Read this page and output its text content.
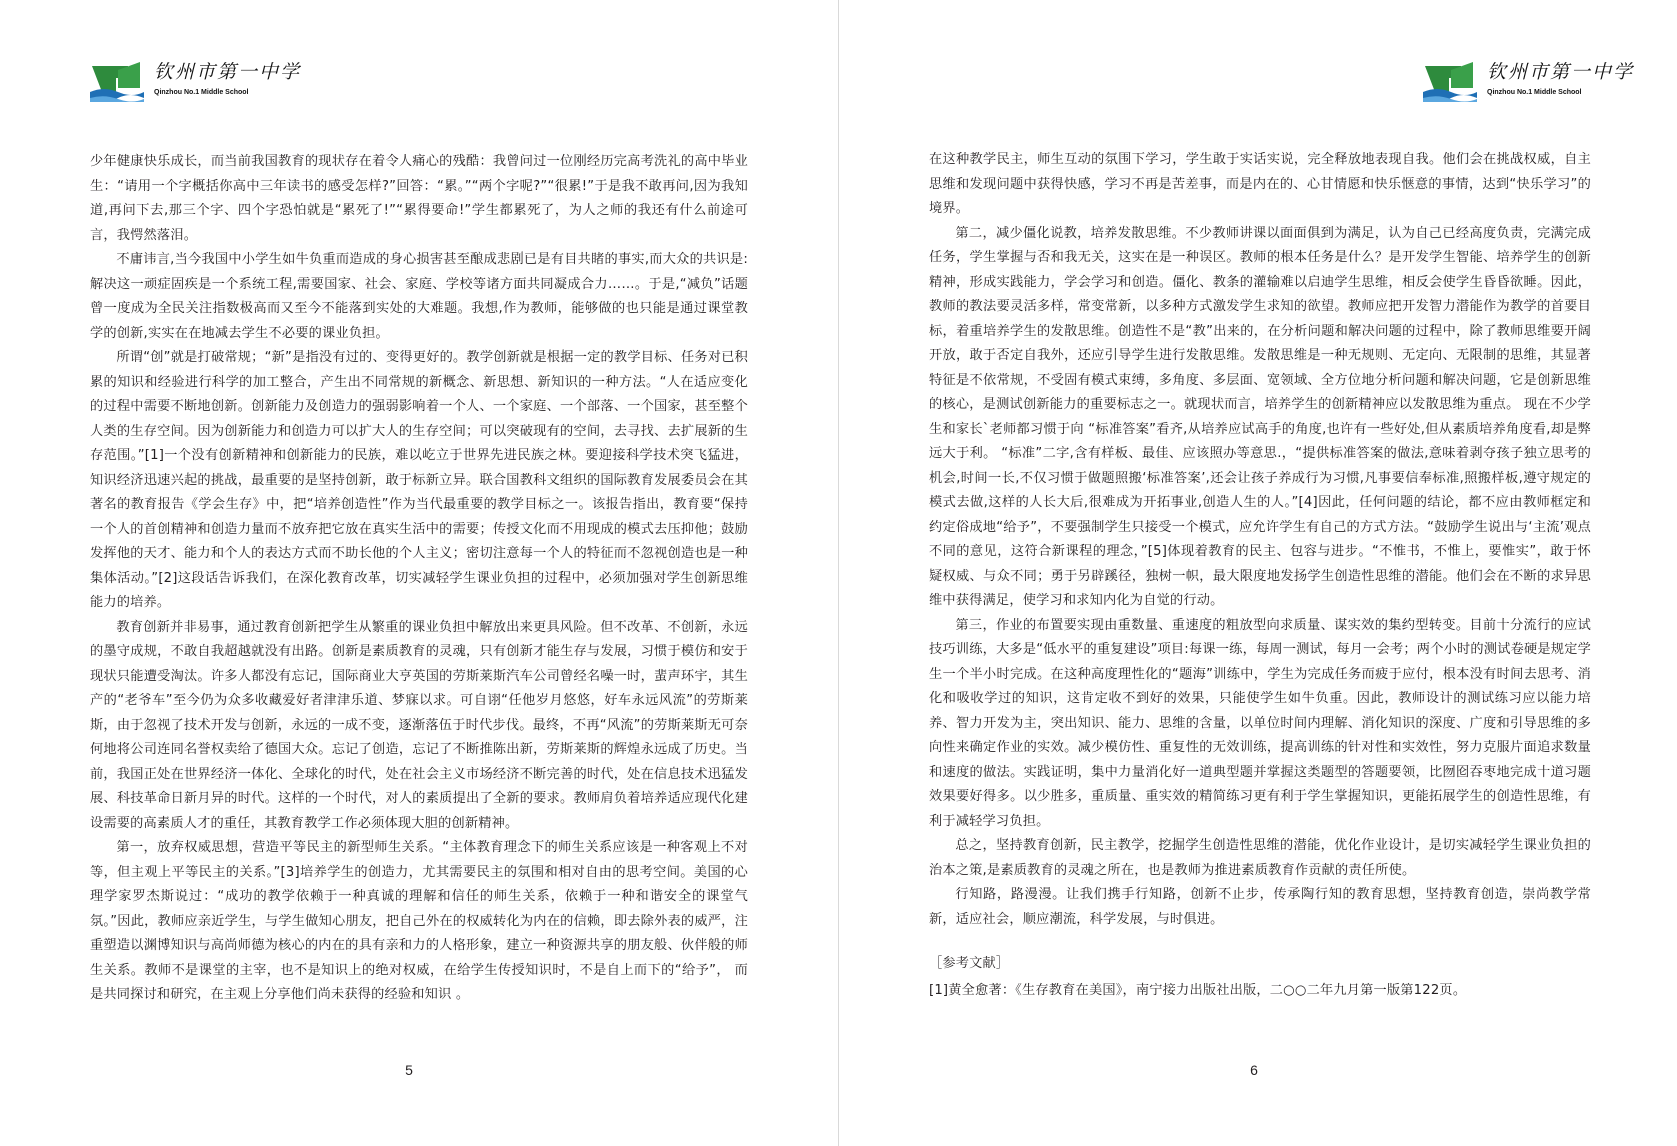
钦州市第一中学
Qinzhou No.1 Middle School

少年健康快乐成长，而当前我国教育的现状存在着令人痛心的残酷：我曾问过一位刚经历完高考洗礼的高中毕业生：“请用一个字概括你高中三年读书的感受怎样?”回答：“累。”“两个字呢?”“很累!”于是我不敢再问,因为我知道,再问下去,那三个字、四个字恐怕就是“累死了!”“累得要命!”学生都累死了，为人之师的我还有什么前途可言，我愕然落泪。

不庸讳言,当今我国中小学生如牛负重而造成的身心损害甚至酿成悲剧已是有目共睹的事实,而大众的共识是:解决这一顽症固疾是一个系统工程,需要国家、社会、家庭、学校等诸方面共同凝成合力……。于是,“减负”话题曾一度成为全民关注指数极高而又至今不能落到实处的大难题。我想,作为教师，能够做的也只能是通过课堂教学的创新,实实在在地减去学生不必要的课业负担。

所谓“创”就是打破常规；“新”是指没有过的、变得更好的。教学创新就是根据一定的教学目标、任务对已积累的知识和经验进行科学的加工整合，产生出不同常规的新概念、新思想、新知识的一种方法。“人在适应变化的过程中需要不断地创新。创新能力及创造力的强弱影响着一个人、一个家庭、一个部落、一个国家，甚至整个人类的生存空间。因为创新能力和创造力可以扩大人的生存空间；可以突破现有的空间，去寻找、去扩展新的生存范围。”[1]一个没有创新精神和创新能力的民族，难以屹立于世界先进民族之林。要迎接科学技术突飞猛进，知识经济迅速兴起的挑战，最重要的是坚持创新，敢于标新立异。联合国教科文组织的国际教育发展委员会在其著名的教育报告《学会生存》中，把“培养创造性”作为当代最重要的教学目标之一。该报告指出，教育要“保持一个人的首创精神和创造力量而不放弃把它放在真实生活中的需要；传授文化而不用现成的模式去压抑他；鼓励发挥他的天才、能力和个人的表达方式而不助长他的个人主义；密切注意每一个人的特征而不忽视创造也是一种集体活动。”[2]这段话告诉我们，在深化教育改革，切实减轻学生课业负担的过程中，必须加强对学生创新思维能力的培养。

教育创新并非易事，通过教育创新把学生从繁重的课业负担中解放出来更具风险。但不改革、不创新，永远的墨守成规，不敢自我超越就没有出路。创新是素质教育的灵魂，只有创新才能生存与发展，习惯于模仿和安于现状只能遭受淘汰。许多人都没有忘记，国际商业大亨英国的劳斯莱斯汽车公司曾经名噪一时，蜚声环宇，其生产的“老爷车”至今仍为众多收藏爱好者津津乐道、梦寐以求。可自诩“任他岁月悠悠，好车永远风流”的劳斯莱斯，由于忽视了技术开发与创新，永远的一成不变，逐渐落伍于时代步伐。最终，不再“风流”的劳斯莱斯无可奈何地将公司连同名誉权卖给了德国大众。忘记了创造，忘记了不断推陈出新，劳斯莱斯的辉煌永远成了历史。当前，我国正处在世界经济一体化、全球化的时代，处在社会主义市场经济不断完善的时代，处在信息技术迅猛发展、科技革命日新月异的时代。这样的一个时代，对人的素质提出了全新的要求。教师肩负着培养适应现代化建设需要的高素质人才的重任，其教育教学工作必须体现大胆的创新精神。

第一，放弃权威思想，营造平等民主的新型师生关系。“主体教育理念下的师生关系应该是一种客观上不对等，但主观上平等民主的关系。”[3]培养学生的创造力，尤其需要民主的氛围和相对自由的思考空间。美国的心理学家罗杰斯说过：“成功的教学依赖于一种真诚的理解和信任的师生关系，依赖于一种和谐安全的课堂气氛。”因此，教师应亲近学生，与学生做知心朋友，把自己外在的权威转化为内在的信赖，即去除外表的威严，注重塑造以渊博知识与高尚师德为核心的内在的具有亲和力的人格形象，建立一种资源共享的朋友般、伙伴般的师生关系。教师不是课堂的主宰，也不是知识上的绝对权威，在给学生传授知识时，不是自上而下的“给予”， 而是共同探讨和研究，在主观上分享他们尚未获得的经验和知识 。

5
钦州市第一中学
Qinzhou No.1 Middle School

在这种教学民主，师生互动的氛围下学习，学生敢于实话实说，完全释放地表现自我。他们会在挑战权威，自主思维和发现问题中获得快感，学习不再是苦差事，而是内在的、心甘情愿和快乐惬意的事情，达到“快乐学习”的境界。

第二，减少僵化说教，培养发散思维。不少教师讲课以面面俱到为满足，认为自己已经高度负责，完满完成任务，学生掌握与否和我无关，这实在是一种误区。教师的根本任务是什么？是开发学生智能、培养学生的创新精神，形成实践能力，学会学习和创造。僵化、教条的灌输难以启迪学生思维，相反会使学生昏昏欲睡。因此，教师的教法要灵活多样，常变常新，以多种方式激发学生求知的欲望。教师应把开发智力潜能作为教学的首要目标，着重培养学生的发散思维。创造性不是“教”出来的，在分析问题和解决问题的过程中，除了教师思维要开阔开放，敢于否定自我外，还应引导学生进行发散思维。发散思维是一种无规则、无定向、无限制的思维，其显著特征是不依常规，不受固有模式束缚，多角度、多层面、宽领域、全方位地分析问题和解决问题，它是创新思维的核心，是测试创新能力的重要标志之一。就现状而言，培养学生的创新精神应以发散思维为重点。 现在不少学生和家长`老师都习惯于向 “标准答案”看齐,从培养应试高手的角度,也许有一些好处,但从素质培养角度看,却是弊远大于利。 “标准”二字,含有样板、最佳、应该照办等意思.，“提供标准答案的做法,意味着剥夺孩子独立思考的机会,时间一长,不仅习惯于做题照搬‘标准答案’,还会让孩子养成行为习惯,凡事要信奉标准,照搬样板,遵守规定的模式去做,这样的人长大后,很难成为开拓事业,创造人生的人。”[4]因此，任何问题的结论，都不应由教师框定和约定俗成地“给予”，不要强制学生只接受一个模式，应允许学生有自己的方式方法。“鼓励学生说出与‘主流’观点不同的意见，这符合新课程的理念，”[5]体现着教育的民主、包容与进步。“不惟书，不惟上，要惟实”，敢于怀疑权威、与众不同；勇于另辟蹊径，独树一帜，最大限度地发扬学生创造性思维的潜能。他们会在不断的求异思维中获得满足，使学习和求知内化为自觉的行动。

第三，作业的布置要实现由重数量、重速度的粗放型向求质量、谋实效的集约型转变。目前十分流行的应试技巧训练，大多是“低水平的重复建设”项目:每课一练，每周一测试，每月一会考；两个小时的测试卷硬是规定学生一个半小时完成。在这种高度理性化的“题海”训练中，学生为完成任务而疲于应付，根本没有时间去思考、消化和吸收学过的知识，这肯定收不到好的效果，只能使学生如牛负重。因此，教师设计的测试练习应以能力培养、智力开发为主，突出知识、能力、思维的含量，以单位时间内理解、消化知识的深度、广度和引导思维的多向性来确定作业的实效。减少模仿性、重复性的无效训练，提高训练的针对性和实效性，努力克服片面追求数量和速度的做法。实践证明，集中力量消化好一道典型题并掌握这类题型的答题要领，比囫囵吞枣地完成十道习题效果要好得多。以少胜多，重质量、重实效的精简练习更有利于学生掌握知识，更能拓展学生的创造性思维，有利于减轻学习负担。

总之，坚持教育创新，民主教学，挖掘学生创造性思维的潜能，优化作业设计，是切实减轻学生课业负担的治本之策,是素质教育的灵魂之所在，也是教师为推进素质教育作贡献的责任所使。

行知路，路漫漫。让我们携手行知路，创新不止步，传承陶行知的教育思想，坚持教育创造，崇尚教学常新，适应社会，顺应潮流，科学发展，与时俱进。

［参考文献］

[1]黄全愈著：《生存教育在美国》，南宁接力出版社出版，二○○二年九月第一版第122页。

6
